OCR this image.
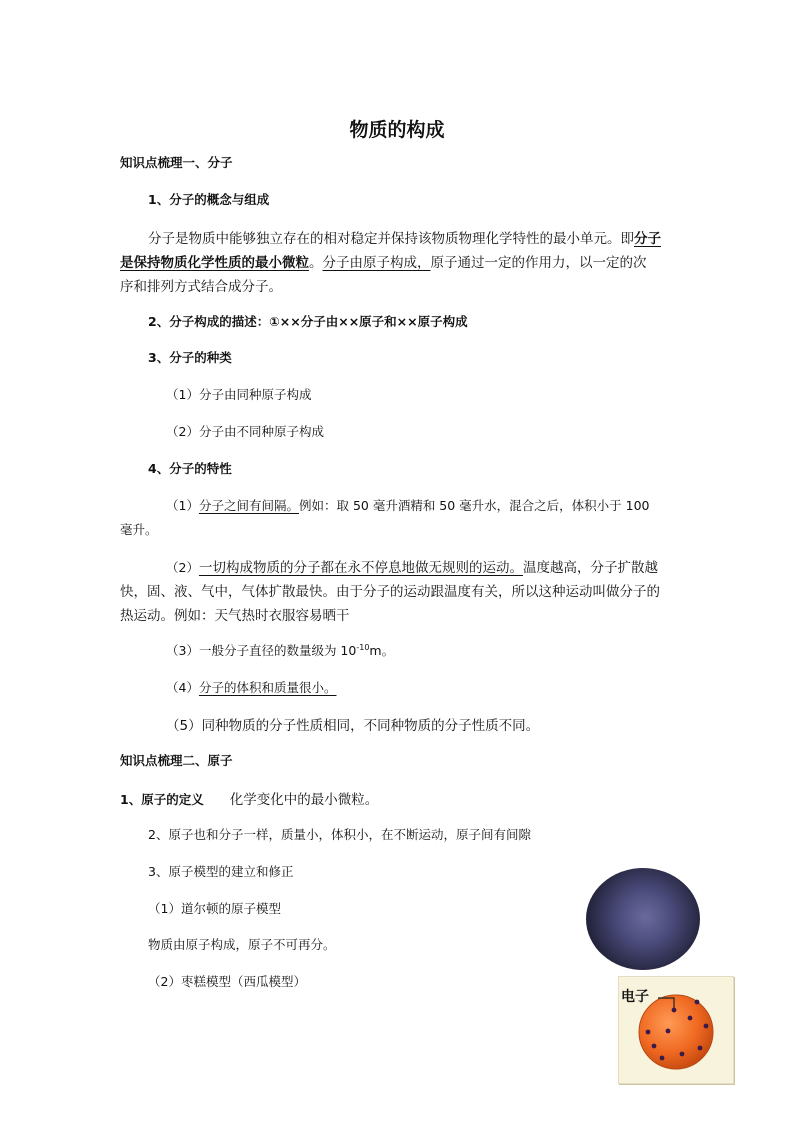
物质的构成
知识点梳理一、分子
1、分子的概念与组成
分子是物质中能够独立存在的相对稳定并保持该物质物理化学特性的最小单元。即分子
是保持物质化学性质的最小微粒。分子由原子构成，原子通过一定的作用力，以一定的次
序和排列方式结合成分子。
2、分子构成的描述：①××分子由××原子和××原子构成
3、分子的种类
（1）分子由同种原子构成
（2）分子由不同种原子构成
4、分子的特性
（1）分子之间有间隔。例如：取 50 毫升酒精和 50 毫升水，混合之后，体积小于 100
毫升。
（2）一切构成物质的分子都在永不停息地做无规则的运动。温度越高，分子扩散越
快，固、液、气中，气体扩散最快。由于分子的运动跟温度有关，所以这种运动叫做分子的
热运动。例如：天气热时衣服容易晒干
（3）一般分子直径的数量级为 $10^{-10}m$。
（4）分子的体积和质量很小。
（5）同种物质的分子性质相同，不同种物质的分子性质不同。
知识点梳理二、原子
1、原子的定义 化学变化中的最小微粒。
2、原子也和分子一样，质量小，体积小，在不断运动，原子间有间隙
3、原子模型的建立和修正
（1）道尔顿的原子模型
物质由原子构成，原子不可再分。
（2）枣糕模型（西瓜模型）
电子
